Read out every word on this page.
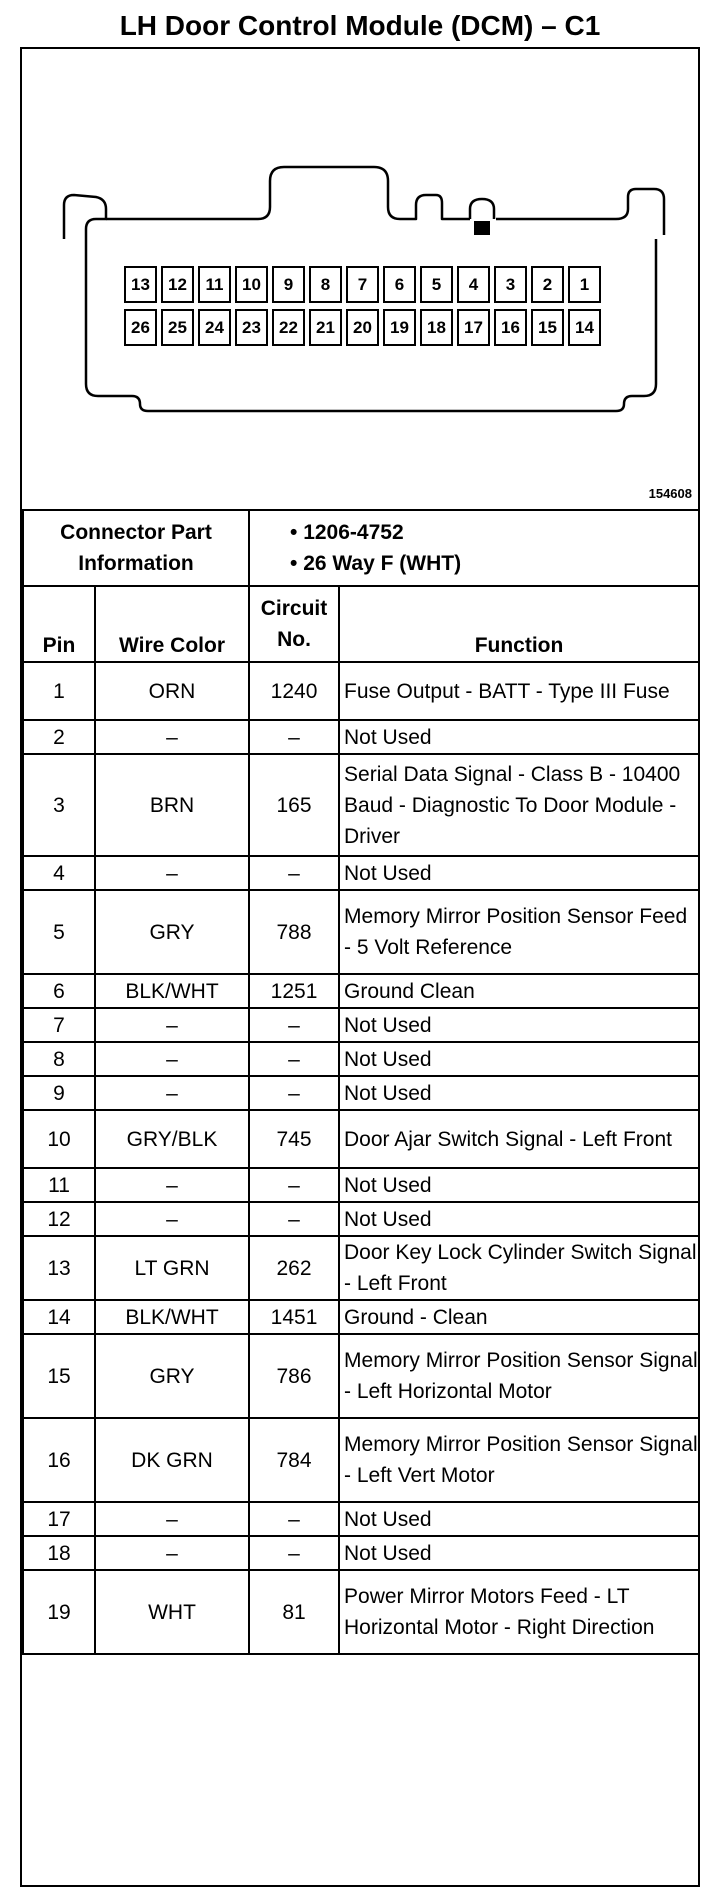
LH Door Control Module (DCM) – C1
13	12	11	10	9	8	7	6	5	4	3	2	1
26	25	24	23	22	21	20	19	18	17	16	15	14
154608
Connector Part Information		• 1206-4752
• 26 Way F (WHT)	

Pin	Wire Color	Circuit No.	Function
1	ORN	1240	Fuse Output - BATT - Type III Fuse
2	–	–	Not Used
3	BRN	165	Serial Data Signal - Class B - 10400 Baud - Diagnostic To Door Module - Driver
4	–	–	Not Used
5	GRY	788	Memory Mirror Position Sensor Feed - 5 Volt Reference
6	BLK/WHT	1251	Ground Clean
7	–	–	Not Used
8	–	–	Not Used
9	–	–	Not Used
10	GRY/BLK	745	Door Ajar Switch Signal - Left Front
11	–	–	Not Used
12	–	–	Not Used
13	LT GRN	262	Door Key Lock Cylinder Switch Signal - Left Front
14	BLK/WHT	1451	Ground - Clean
15	GRY	786	Memory Mirror Position Sensor Signal - Left Horizontal Motor
16	DK GRN	784	Memory Mirror Position Sensor Signal - Left Vert Motor
17	–	–	Not Used
18	–	–	Not Used
19	WHT	81	Power Mirror Motors Feed - LT Horizontal Motor - Right Direction
